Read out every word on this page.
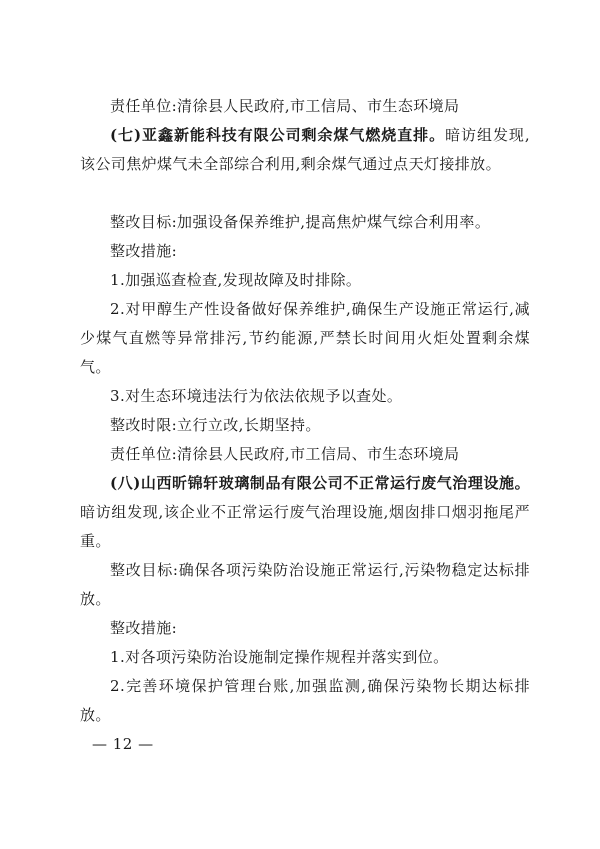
责任单位:清徐县人民政府,市工信局、市生态环境局

(七)亚鑫新能科技有限公司剩余煤气燃烧直排。暗访组发现,该公司焦炉煤气未全部综合利用,剩余煤气通过点天灯接排放。

整改目标:加强设备保养维护,提高焦炉煤气综合利用率。

整改措施:

1.加强巡查检查,发现故障及时排除。

2.对甲醇生产性设备做好保养维护,确保生产设施正常运行,减少煤气直燃等异常排污,节约能源,严禁长时间用火炬处置剩余煤气。

3.对生态环境违法行为依法依规予以查处。

整改时限:立行立改,长期坚持。

责任单位:清徐县人民政府,市工信局、市生态环境局

(八)山西昕锦轩玻璃制品有限公司不正常运行废气治理设施。暗访组发现,该企业不正常运行废气治理设施,烟囱排口烟羽拖尾严重。

整改目标:确保各项污染防治设施正常运行,污染物稳定达标排放。

整改措施:

1.对各项污染防治设施制定操作规程并落实到位。

2.完善环境保护管理台账,加强监测,确保污染物长期达标排放。

— 12 —
